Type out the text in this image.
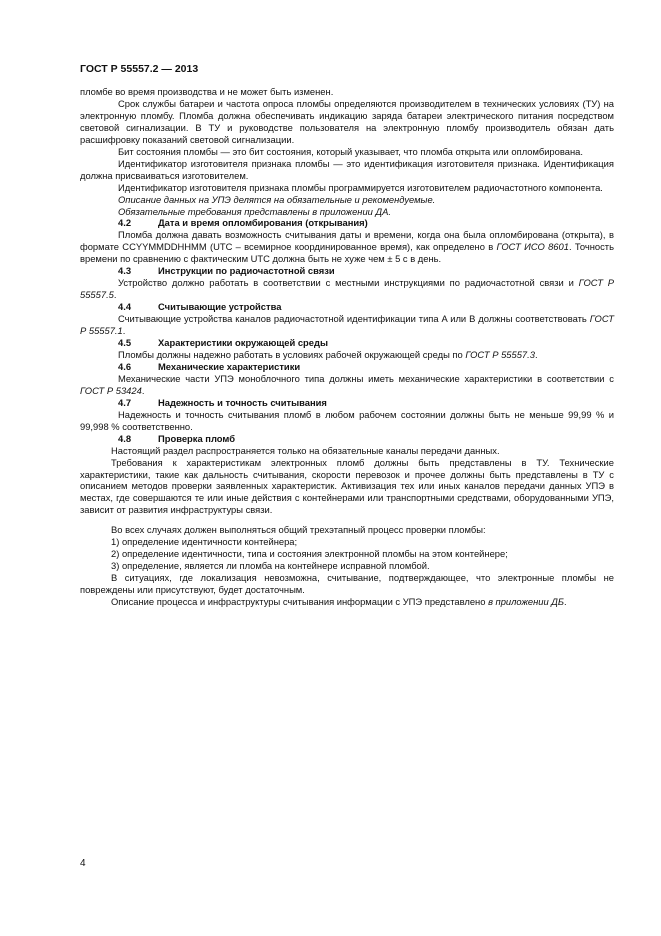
ГОСТ Р 55557.2 — 2013

пломбе во время производства и не может быть изменен.

Срок службы батареи и частота опроса пломбы определяются производителем в технических условиях (ТУ) на электронную пломбу. Пломба должна обеспечивать индикацию заряда батареи электрического питания посредством световой сигнализации. В ТУ и руководстве пользователя на электронную пломбу производитель обязан дать расшифровку показаний световой сигнализации.

Бит состояния пломбы — это бит состояния, который указывает, что пломба открыта или опломбирована.

Идентификатор изготовителя признака пломбы — это идентификация изготовителя признака. Идентификация должна присваиваться изготовителем.

Идентификатор изготовителя признака пломбы программируется изготовителем радиочастотного компонента.

Описание данных на УПЭ делятся на обязательные и рекомендуемые.

Обязательные требования представлены в приложении ДА.

4.2	Дата и время опломбирования (открывания)

Пломба должна давать возможность считывания даты и времени, когда она была опломбирована (открыта), в формате CCYYMMDDHHMM (UTC – всемирное координированное время), как определено в ГОСТ ИСО 8601. Точность времени по сравнению с фактическим UTC должна быть не хуже чем ± 5 с в день.

4.3	Инструкции по радиочастотной связи

Устройство должно работать в соответствии с местными инструкциями по радиочастотной связи и ГОСТ Р 55557.5.

4.4	Считывающие устройства

Считывающие устройства каналов радиочастотной идентификации типа A или B должны соответствовать ГОСТ Р 55557.1.

4.5	Характеристики окружающей среды

Пломбы должны надежно работать в условиях рабочей окружающей среды по ГОСТ Р 55557.3.

4.6	Механические характеристики

Механические части УПЭ моноблочного типа должны иметь механические характеристики в соответствии с ГОСТ Р 53424.

4.7	Надежность и точность считывания

Надежность и точность считывания пломб в любом рабочем состоянии должны быть не меньше 99,99 % и 99,998 % соответственно.

4.8	Проверка пломб

Настоящий раздел распространяется только на обязательные каналы передачи данных.

Требования к характеристикам электронных пломб должны быть представлены в ТУ. Технические характеристики, такие как дальность считывания, скорости перевозок и прочее должны быть представлены в ТУ с описанием методов проверки заявленных характеристик. Активизация тех или иных каналов передачи данных УПЭ в местах, где совершаются те или иные действия с контейнерами или транспортными средствами, оборудованными УПЭ, зависит от развития инфраструктуры связи.

Во всех случаях должен выполняться общий трехэтапный процесс проверки пломбы:

1) определение идентичности контейнера;

2) определение идентичности, типа и состояния электронной пломбы на этом контейнере;

3) определение, является ли пломба на контейнере исправной пломбой.

В ситуациях, где локализация невозможна, считывание, подтверждающее, что электронные пломбы не повреждены или присутствуют, будет достаточным.

Описание процесса и инфраструктуры считывания информации с УПЭ представлено в приложении ДБ.

4
